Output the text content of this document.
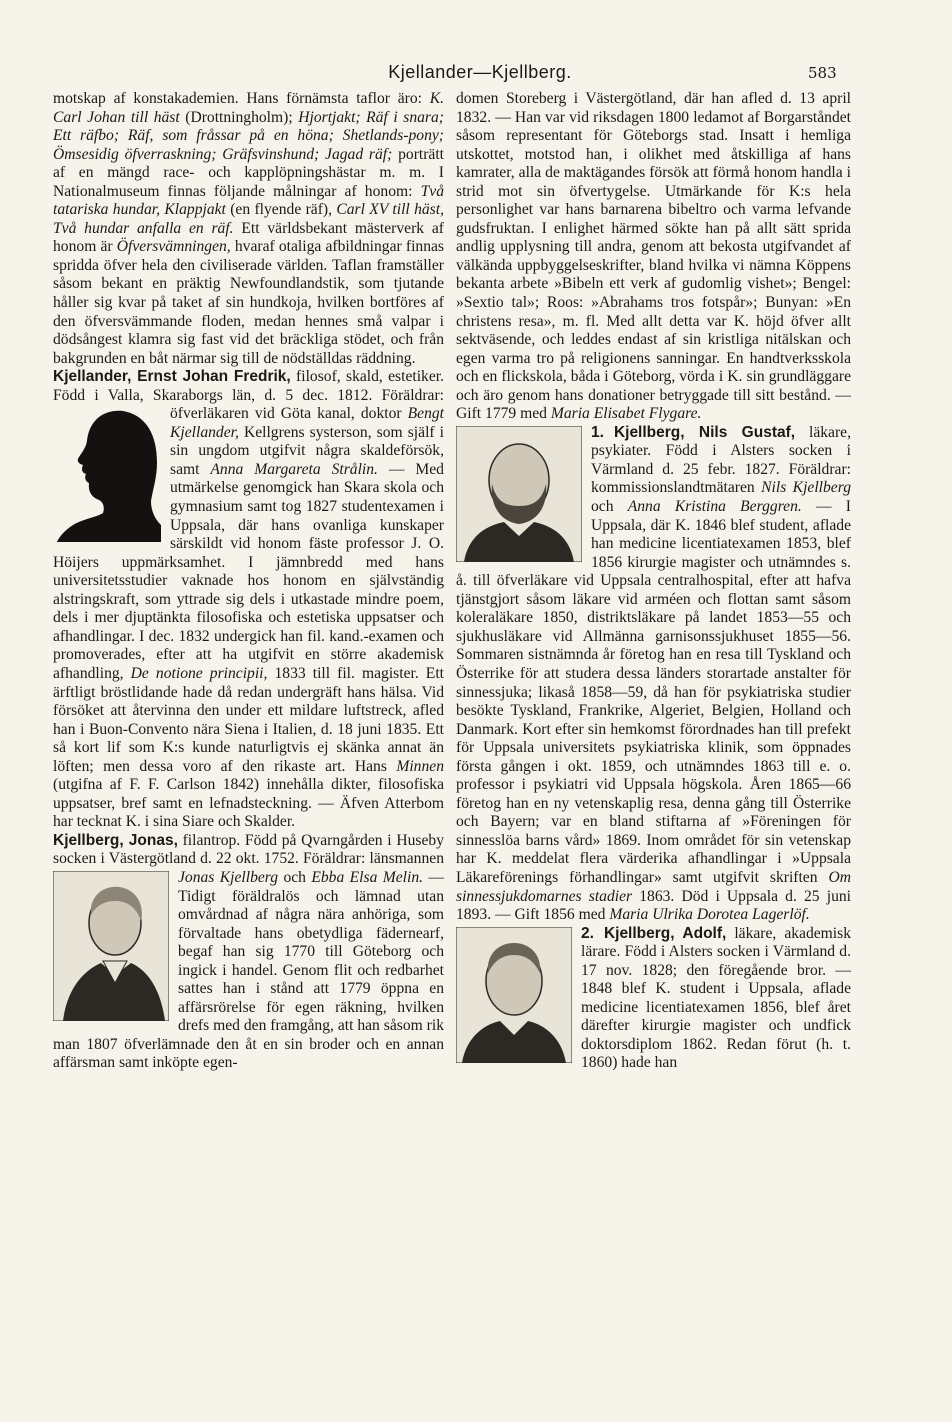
Kjellander—Kjellberg.	583

motskap af konstakademien. Hans förnämsta taflor äro: K. Carl Johan till häst (Drottningholm); Hjortjakt; Räf i snara; Ett räfbo; Räf, som fråssar på en höna; Shetlands-pony; Ömsesidig öfverraskning; Gräfsvinshund; Jagad räf; porträtt af en mängd race- och kapplöpningshästar m. m. I Nationalmuseum finnas följande målningar af honom: Två tatariska hundar, Klappjakt (en flyende räf), Carl XV till häst, Två hundar anfalla en räf. Ett världsbekant mästerverk af honom är Öfversvämningen, hvaraf otaliga afbildningar finnas spridda öfver hela den civiliserade världen. Taflan framställer såsom bekant en präktig Newfoundlandstik, som tjutande håller sig kvar på taket af sin hundkoja, hvilken bortföres af den öfversvämmande floden, medan hennes små valpar i dödsångest klamra sig fast vid det bräckliga stödet, och från bakgrunden en båt närmar sig till de nödställdas räddning.

Kjellander, Ernst Johan Fredrik, filosof, skald, estetiker. Född i Valla, Skaraborgs län, d. 5 dec. 1812. Föräldrar: öfverläkaren vid Göta kanal, doktor
Bengt Kjellander, Kellgrens systerson, som själf i sin ungdom utgifvit några skaldeförsök, samt Anna Margareta Strålin. — Med utmärkelse genomgick han Skara skola och gymnasium samt tog 1827 studentexamen i Uppsala, där hans ovanliga kunskaper särskildt vid honom fäste professor J. O. Höijers uppmärksamhet. I jämnbredd med hans universitetsstudier vaknade hos honom en självständig alstringskraft, som yttrade sig dels i utkastade mindre poem, dels i mer djuptänkta filosofiska och estetiska uppsatser och afhandlingar. I dec. 1832 undergick han fil. kand.-examen och promoverades, efter att ha utgifvit en större akademisk afhandling, De notione principii, 1833 till fil. magister. Ett ärftligt bröstlidande hade då redan undergräft hans hälsa. Vid försöket att återvinna den under ett mildare luftstreck, afled han i Buon-Convento nära Siena i Italien, d. 18 juni 1835. Ett så kort lif som K:s kunde naturligtvis ej skänka annat än löften; men dessa voro af den rikaste art. Hans Minnen (utgifna af F. F. Carlson 1842) innehålla dikter, filosofiska uppsatser, bref samt en lefnadsteckning. — Äfven Atterbom har tecknat K. i sina Siare och Skalder.

Kjellberg, Jonas, filantrop. Född på Qvarngården i Huseby socken i Västergötland d. 22 okt. 1752. Föräldrar: länsmannen
Jonas Kjellberg och Ebba Elsa Melin. — Tidigt föräldralös och lämnad utan omvårdnad af några nära anhöriga, som förvaltade hans obetydliga fädernearf, begaf han sig 1770 till Göteborg och ingick i handel. Genom flit och redbarhet sattes han i stånd att 1779 öppna en affärsrörelse för egen räkning, hvilken drefs med den framgång, att han såsom rik man 1807 öfverlämnade den åt en sin broder och en annan affärsman samt inköpte egen-

domen Storeberg i Västergötland, där han afled d. 13 april 1832. — Han var vid riksdagen 1800 ledamot af Borgarståndet såsom representant för Göteborgs stad. Insatt i hemliga utskottet, motstod han, i olikhet med åtskilliga af hans kamrater, alla de maktägandes försök att förmå honom handla i strid mot sin öfvertygelse. Utmärkande för K:s hela personlighet var hans barnarena bibeltro och varma lefvande gudsfruktan. I enlighet härmed sökte han på allt sätt sprida andlig upplysning till andra, genom att bekosta utgifvandet af välkända uppbyggelseskrifter, bland hvilka vi nämna Köppens bekanta arbete »Bibeln ett verk af gudomlig vishet»; Bengel: »Sextio tal»; Roos: »Abrahams tros fotspår»; Bunyan: »En christens resa», m. fl. Med allt detta var K. höjd öfver allt sektväsende, och leddes endast af sin kristliga nitälskan och egen varma tro på religionens sanningar. En handtverksskola och en flickskola, båda i Göteborg, vörda i K. sin grundläggare och äro genom hans donationer betryggade till sitt bestånd. — Gift 1779 med Maria Elisabet Flygare.

1. Kjellberg, Nils Gustaf,
läkare, psykiater. Född i Alsters socken i Värmland d. 25 febr. 1827. Föräldrar: kommissionslandtmätaren Nils Kjellberg och Anna Kristina Berggren. — I Uppsala, där K. 1846 blef student, aflade han medicine licentiatexamen 1853, blef 1856 kirurgie magister och utnämndes s. å. till öfverläkare vid Uppsala centralhospital, efter att hafva tjänstgjort såsom läkare vid arméen och flottan samt såsom koleraläkare 1850, distriktsläkare på landet 1853—55 och sjukhusläkare vid Allmänna garnisonssjukhuset 1855—56. Sommaren sistnämnda år företog han en resa till Tyskland och Österrike för att studera dessa länders storartade anstalter för sinnessjuka; likaså 1858—59, då han för psykiatriska studier besökte Tyskland, Frankrike, Algeriet, Belgien, Holland och Danmark. Kort efter sin hemkomst förordnades han till prefekt för Uppsala universitets psykiatriska klinik, som öppnades första gången i okt. 1859, och utnämndes 1863 till e. o. professor i psykiatri vid Uppsala högskola. Åren 1865—66 företog han en ny vetenskaplig resa, denna gång till Österrike och Bayern; var en bland stiftarna af »Föreningen för sinnesslöa barns vård» 1869. Inom området för sin vetenskap har K. meddelat flera värderika afhandlingar i »Uppsala Läkareförenings förhandlingar» samt utgifvit skriften Om sinnessjukdomarnes stadier 1863. Död i Uppsala d. 25 juni 1893. — Gift 1856 med Maria Ulrika Dorotea Lagerlöf.

2. Kjellberg, Adolf,
läkare, akademisk lärare. Född i Alsters socken i Värmland d. 17 nov. 1828; den föregående bror. — 1848 blef K. student i Uppsala, aflade medicine licentiatexamen 1856, blef året därefter kirurgie magister och undfick doktorsdiplom 1862. Redan förut (h. t. 1860) hade han
